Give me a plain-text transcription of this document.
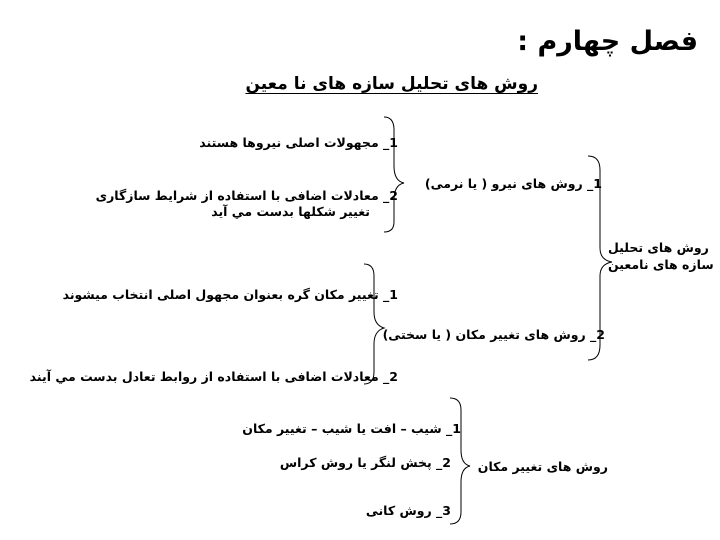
فصل چهارم :
روش های تحلیل سازه های نا معین
1_ مجهولات اصلی نیروها هستند
2_ معادلات اضافی با استفاده از شرایط سازگاری
تغییر شکلها بدست مي آید
1_ روش های نیرو ( یا نرمی)
روش های تحلیل
سازه های نامعین
1_ تغییر مکان گره بعنوان مجهول اصلی انتخاب میشوند
2_ روش های تغییر مکان ( یا سختی)
2_ معادلات اضافی با استفاده از روابط تعادل بدست مي آیند
1_ شیب – افت یا شیب – تغییر مکان
روش های تغییر مکان
2_ پخش لنگر یا روش کراس
3_ روش کانی
